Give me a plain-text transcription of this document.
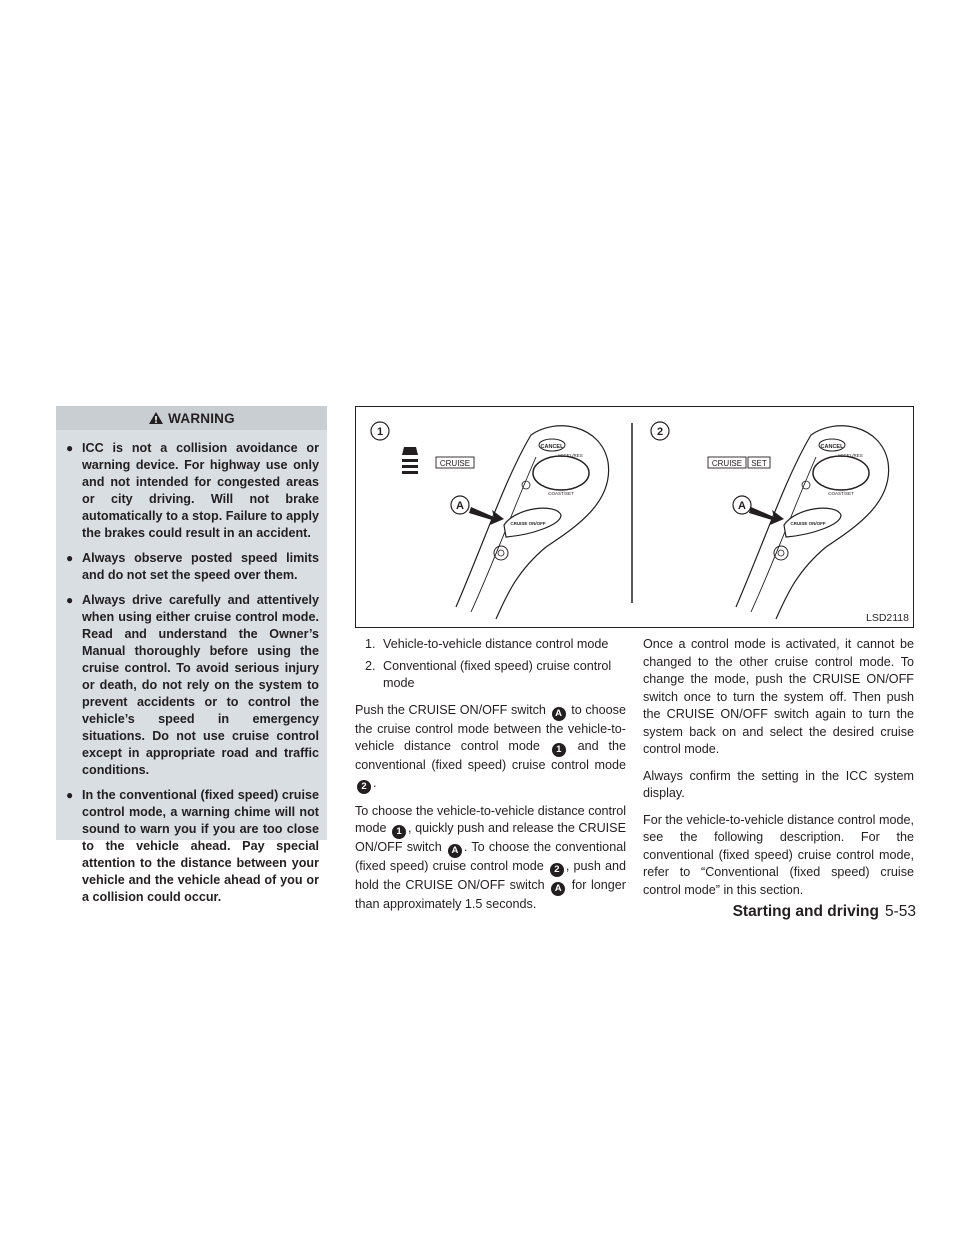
WARNING
● ICC is not a collision avoidance or warning device. For highway use only and not intended for congested areas or city driving. Will not brake automatically to a stop. Failure to apply the brakes could result in an accident.
● Always observe posted speed limits and do not set the speed over them.
● Always drive carefully and attentively when using either cruise control mode. Read and understand the Owner’s Manual thoroughly before using the cruise control. To avoid serious injury or death, do not rely on the system to prevent accidents or to control the vehicle’s speed in emergency situations. Do not use cruise control except in appropriate road and traffic conditions.
● In the conventional (fixed speed) cruise control mode, a warning chime will not sound to warn you if you are too close to the vehicle ahead. Pay special attention to the distance between your vehicle and the vehicle ahead of you or a collision could occur.
1
CRUISE
CANCEL
ACCEL/RES
COAST/SET
CRUISE ON/OFF
A
2
CRUISE SET
CANCEL
ACCEL/RES
COAST/SET
CRUISE ON/OFF
A
LSD2118
1. Vehicle-to-vehicle distance control mode
2. Conventional (fixed speed) cruise control mode

Push the CRUISE ON/OFF switch A to choose the cruise control mode between the vehicle-to-vehicle distance control mode 1 and the conventional (fixed speed) cruise control mode 2 .

To choose the vehicle-to-vehicle distance control mode 1 , quickly push and release the CRUISE ON/OFF switch A . To choose the conventional (fixed speed) cruise control mode 2 , push and hold the CRUISE ON/OFF switch A for longer than approximately 1.5 seconds.

Once a control mode is activated, it cannot be changed to the other cruise control mode. To change the mode, push the CRUISE ON/OFF switch once to turn the system off. Then push the CRUISE ON/OFF switch again to turn the system back on and select the desired cruise control mode.

Always confirm the setting in the ICC system display.

For the vehicle-to-vehicle distance control mode, see the following description. For the conventional (fixed speed) cruise control mode, refer to “Conventional (fixed speed) cruise control mode” in this section.

Starting and driving 5-53
